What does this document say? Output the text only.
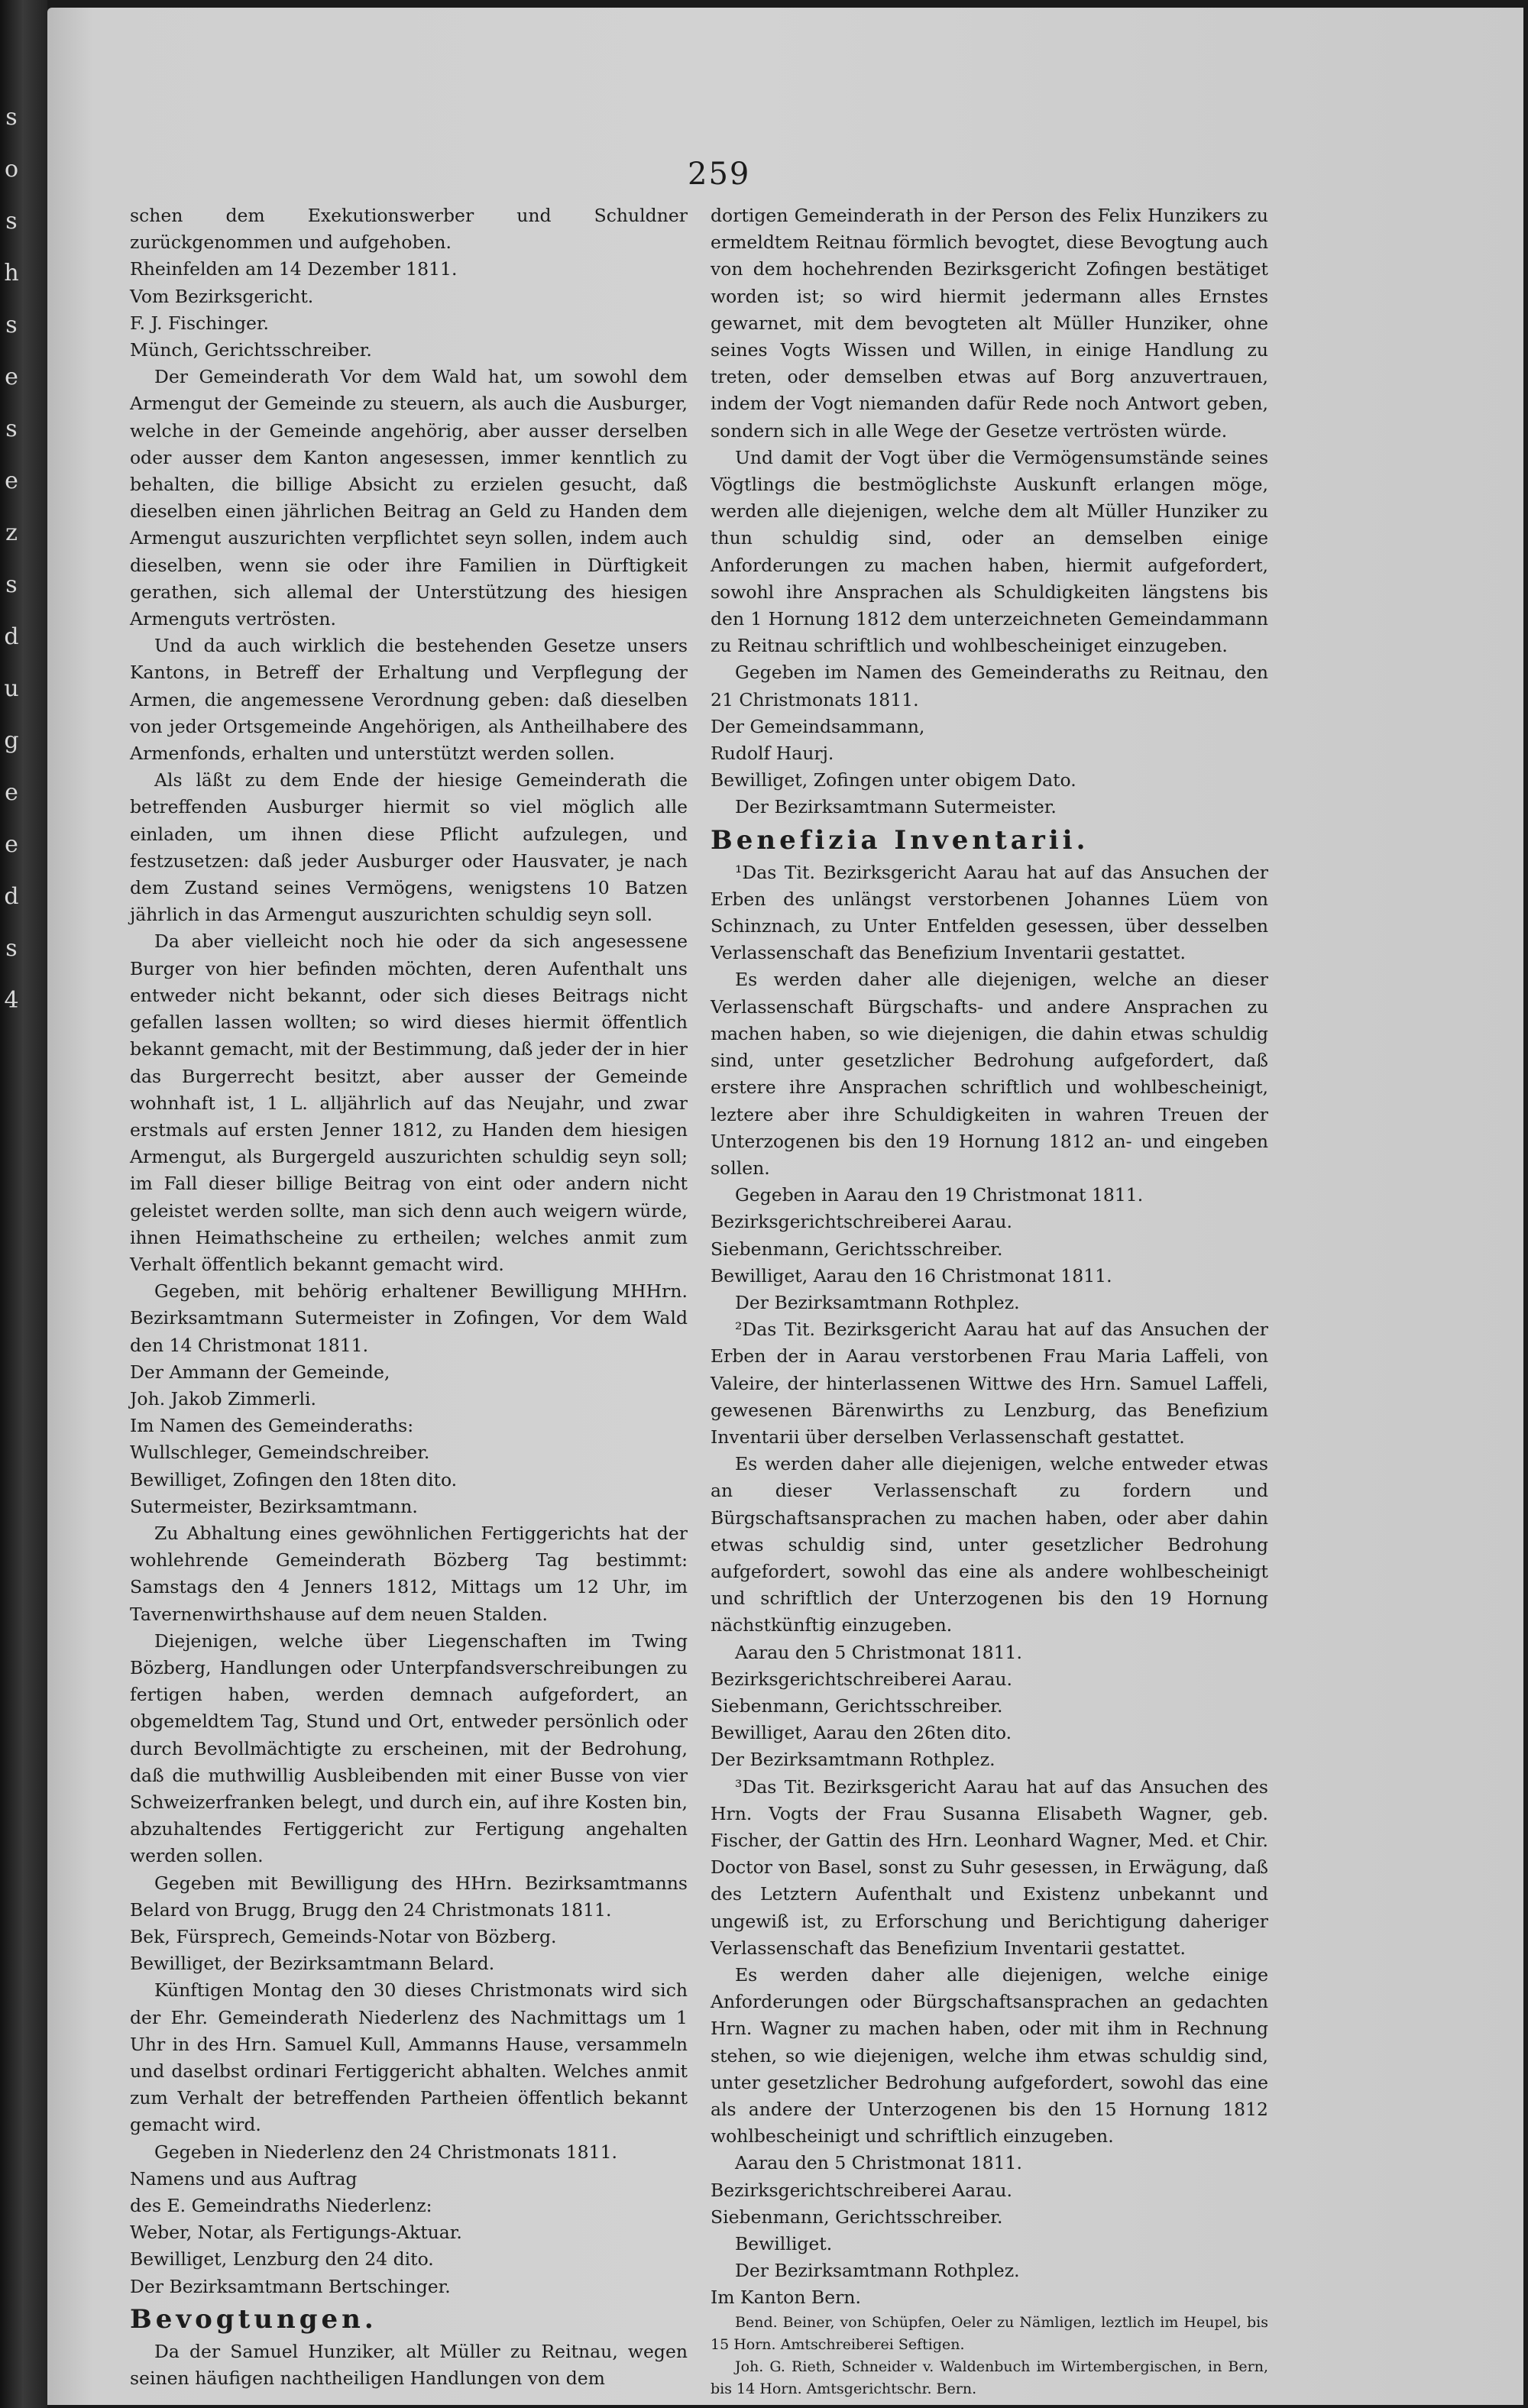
s
o
s
h
s
e
s
e
z
s
d
u
g
e
e
d
s
4
259

schen dem Exekutionswerber und Schuldner zurückgenommen und aufgehoben.

Rheinfelden am 14 Dezember 1811.

Vom Bezirksgericht.

F. J. Fischinger.

Münch, Gerichtsschreiber.

Der Gemeinderath Vor dem Wald hat, um sowohl dem Armengut der Gemeinde zu steuern, als auch die Ausburger, welche in der Gemeinde angehörig, aber ausser derselben oder ausser dem Kanton angesessen, immer kenntlich zu behalten, die billige Absicht zu erzielen gesucht, daß dieselben einen jährlichen Beitrag an Geld zu Handen dem Armengut auszurichten verpflichtet seyn sollen, indem auch dieselben, wenn sie oder ihre Familien in Dürftigkeit gerathen, sich allemal der Unterstützung des hiesigen Armenguts vertrösten.

Und da auch wirklich die bestehenden Gesetze unsers Kantons, in Betreff der Erhaltung und Verpflegung der Armen, die angemessene Verordnung geben: daß dieselben von jeder Ortsgemeinde Angehörigen, als Antheilhabere des Armenfonds, erhalten und unterstützt werden sollen.

Als läßt zu dem Ende der hiesige Gemeinderath die betreffenden Ausburger hiermit so viel möglich alle einladen, um ihnen diese Pflicht aufzulegen, und festzusetzen: daß jeder Ausburger oder Hausvater, je nach dem Zustand seines Vermögens, wenigstens 10 Batzen jährlich in das Armengut auszurichten schuldig seyn soll.

Da aber vielleicht noch hie oder da sich angesessene Burger von hier befinden möchten, deren Aufenthalt uns entweder nicht bekannt, oder sich dieses Beitrags nicht gefallen lassen wollten; so wird dieses hiermit öffentlich bekannt gemacht, mit der Bestimmung, daß jeder der in hier das Burgerrecht besitzt, aber ausser der Gemeinde wohnhaft ist, 1 L. alljährlich auf das Neujahr, und zwar erstmals auf ersten Jenner 1812, zu Handen dem hiesigen Armengut, als Burgergeld auszurichten schuldig seyn soll; im Fall dieser billige Beitrag von eint oder andern nicht geleistet werden sollte, man sich denn auch weigern würde, ihnen Heimathscheine zu ertheilen; welches anmit zum Verhalt öffentlich bekannt gemacht wird.

Gegeben, mit behörig erhaltener Bewilligung MHHrn. Bezirksamtmann Sutermeister in Zofingen, Vor dem Wald den 14 Christmonat 1811.

Der Ammann der Gemeinde,

Joh. Jakob Zimmerli.

Im Namen des Gemeinderaths:

Wullschleger, Gemeindschreiber.

Bewilliget, Zofingen den 18ten dito.

Sutermeister, Bezirksamtmann.

Zu Abhaltung eines gewöhnlichen Fertiggerichts hat der wohlehrende Gemeinderath Bözberg Tag bestimmt: Samstags den 4 Jenners 1812, Mittags um 12 Uhr, im Tavernenwirthshause auf dem neuen Stalden.

Diejenigen, welche über Liegenschaften im Twing Bözberg, Handlungen oder Unterpfandsverschreibungen zu fertigen haben, werden demnach aufgefordert, an obgemeldtem Tag, Stund und Ort, entweder persönlich oder durch Bevollmächtigte zu erscheinen, mit der Bedrohung, daß die muthwillig Ausbleibenden mit einer Busse von vier Schweizerfranken belegt, und durch ein, auf ihre Kosten bin, abzuhaltendes Fertiggericht zur Fertigung angehalten werden sollen.

Gegeben mit Bewilligung des HHrn. Bezirksamtmanns Belard von Brugg, Brugg den 24 Christmonats 1811.

Bek, Fürsprech, Gemeinds-Notar von Bözberg.

Bewilliget, der Bezirksamtmann Belard.

Künftigen Montag den 30 dieses Christmonats wird sich der Ehr. Gemeinderath Niederlenz des Nachmittags um 1 Uhr in des Hrn. Samuel Kull, Ammanns Hause, versammeln und daselbst ordinari Fertiggericht abhalten. Welches anmit zum Verhalt der betreffenden Partheien öffentlich bekannt gemacht wird.

Gegeben in Niederlenz den 24 Christmonats 1811.

Namens und aus Auftrag

des E. Gemeindraths Niederlenz:

Weber, Notar, als Fertigungs-Aktuar.

Bewilliget, Lenzburg den 24 dito.

Der Bezirksamtmann Bertschinger.

Bevogtungen.

Da der Samuel Hunziker, alt Müller zu Reitnau, wegen seinen häufigen nachtheiligen Handlungen von dem

dortigen Gemeinderath in der Person des Felix Hunzikers zu ermeldtem Reitnau förmlich bevogtet, diese Bevogtung auch von dem hochehrenden Bezirksgericht Zofingen bestätiget worden ist; so wird hiermit jedermann alles Ernstes gewarnet, mit dem bevogteten alt Müller Hunziker, ohne seines Vogts Wissen und Willen, in einige Handlung zu treten, oder demselben etwas auf Borg anzuvertrauen, indem der Vogt niemanden dafür Rede noch Antwort geben, sondern sich in alle Wege der Gesetze vertrösten würde.

Und damit der Vogt über die Vermögensumstände seines Vögtlings die bestmöglichste Auskunft erlangen möge, werden alle diejenigen, welche dem alt Müller Hunziker zu thun schuldig sind, oder an demselben einige Anforderungen zu machen haben, hiermit aufgefordert, sowohl ihre Ansprachen als Schuldigkeiten längstens bis den 1 Hornung 1812 dem unterzeichneten Gemeindammann zu Reitnau schriftlich und wohlbescheiniget einzugeben.

Gegeben im Namen des Gemeinderaths zu Reitnau, den 21 Christmonats 1811.

Der Gemeindsammann,

Rudolf Haurj.

Bewilliget, Zofingen unter obigem Dato.

Der Bezirksamtmann Sutermeister.

Benefizia Inventarii.

¹Das Tit. Bezirksgericht Aarau hat auf das Ansuchen der Erben des unlängst verstorbenen Johannes Lüem von Schinznach, zu Unter Entfelden gesessen, über desselben Verlassenschaft das Benefizium Inventarii gestattet.

Es werden daher alle diejenigen, welche an dieser Verlassenschaft Bürgschafts- und andere Ansprachen zu machen haben, so wie diejenigen, die dahin etwas schuldig sind, unter gesetzlicher Bedrohung aufgefordert, daß erstere ihre Ansprachen schriftlich und wohlbescheinigt, leztere aber ihre Schuldigkeiten in wahren Treuen der Unterzogenen bis den 19 Hornung 1812 an- und eingeben sollen.

Gegeben in Aarau den 19 Christmonat 1811.

Bezirksgerichtschreiberei Aarau.

Siebenmann, Gerichtsschreiber.

Bewilliget, Aarau den 16 Christmonat 1811.

Der Bezirksamtmann Rothplez.

²Das Tit. Bezirksgericht Aarau hat auf das Ansuchen der Erben der in Aarau verstorbenen Frau Maria Laffeli, von Valeire, der hinterlassenen Wittwe des Hrn. Samuel Laffeli, gewesenen Bärenwirths zu Lenzburg, das Benefizium Inventarii über derselben Verlassenschaft gestattet.

Es werden daher alle diejenigen, welche entweder etwas an dieser Verlassenschaft zu fordern und Bürgschaftsansprachen zu machen haben, oder aber dahin etwas schuldig sind, unter gesetzlicher Bedrohung aufgefordert, sowohl das eine als andere wohlbescheinigt und schriftlich der Unterzogenen bis den 19 Hornung nächstkünftig einzugeben.

Aarau den 5 Christmonat 1811.

Bezirksgerichtschreiberei Aarau.

Siebenmann, Gerichtsschreiber.

Bewilliget, Aarau den 26ten dito.

Der Bezirksamtmann Rothplez.

³Das Tit. Bezirksgericht Aarau hat auf das Ansuchen des Hrn. Vogts der Frau Susanna Elisabeth Wagner, geb. Fischer, der Gattin des Hrn. Leonhard Wagner, Med. et Chir. Doctor von Basel, sonst zu Suhr gesessen, in Erwägung, daß des Letztern Aufenthalt und Existenz unbekannt und ungewiß ist, zu Erforschung und Berichtigung daheriger Verlassenschaft das Benefizium Inventarii gestattet.

Es werden daher alle diejenigen, welche einige Anforderungen oder Bürgschaftsansprachen an gedachten Hrn. Wagner zu machen haben, oder mit ihm in Rechnung stehen, so wie diejenigen, welche ihm etwas schuldig sind, unter gesetzlicher Bedrohung aufgefordert, sowohl das eine als andere der Unterzogenen bis den 15 Hornung 1812 wohlbescheinigt und schriftlich einzugeben.

Aarau den 5 Christmonat 1811.

Bezirksgerichtschreiberei Aarau.

Siebenmann, Gerichtsschreiber.

Bewilliget.

Der Bezirksamtmann Rothplez.

Im Kanton Bern.

Bend. Beiner, von Schüpfen, Oeler zu Nämligen, leztlich im Heupel, bis 15 Horn. Amtschreiberei Seftigen.

Joh. G. Rieth, Schneider v. Waldenbuch im Wirtembergischen, in Bern, bis 14 Horn. Amtsgerichtschr. Bern.
